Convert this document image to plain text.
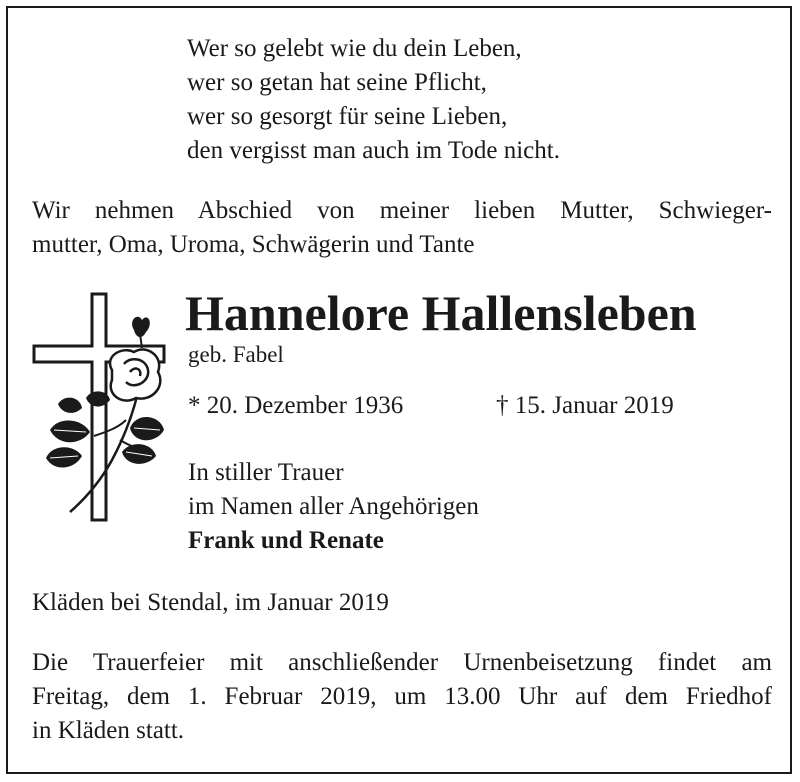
Wer so gelebt wie du dein Leben,
wer so getan hat seine Pflicht,
wer so gesorgt für seine Lieben,
den vergisst man auch im Tode nicht.
Wir nehmen Abschied von meiner lieben Mutter, Schwieger-
mutter, Oma, Uroma, Schwägerin und Tante
Hannelore Hallensleben
geb. Fabel
* 20. Dezember 1936	† 15. Januar 2019
In stiller Trauer
im Namen aller Angehörigen
Frank und Renate
Kläden bei Stendal, im Januar 2019
Die Trauerfeier mit anschließender Urnenbeisetzung findet am
Freitag, dem 1. Februar 2019, um 13.00 Uhr auf dem Friedhof
in Kläden statt.
